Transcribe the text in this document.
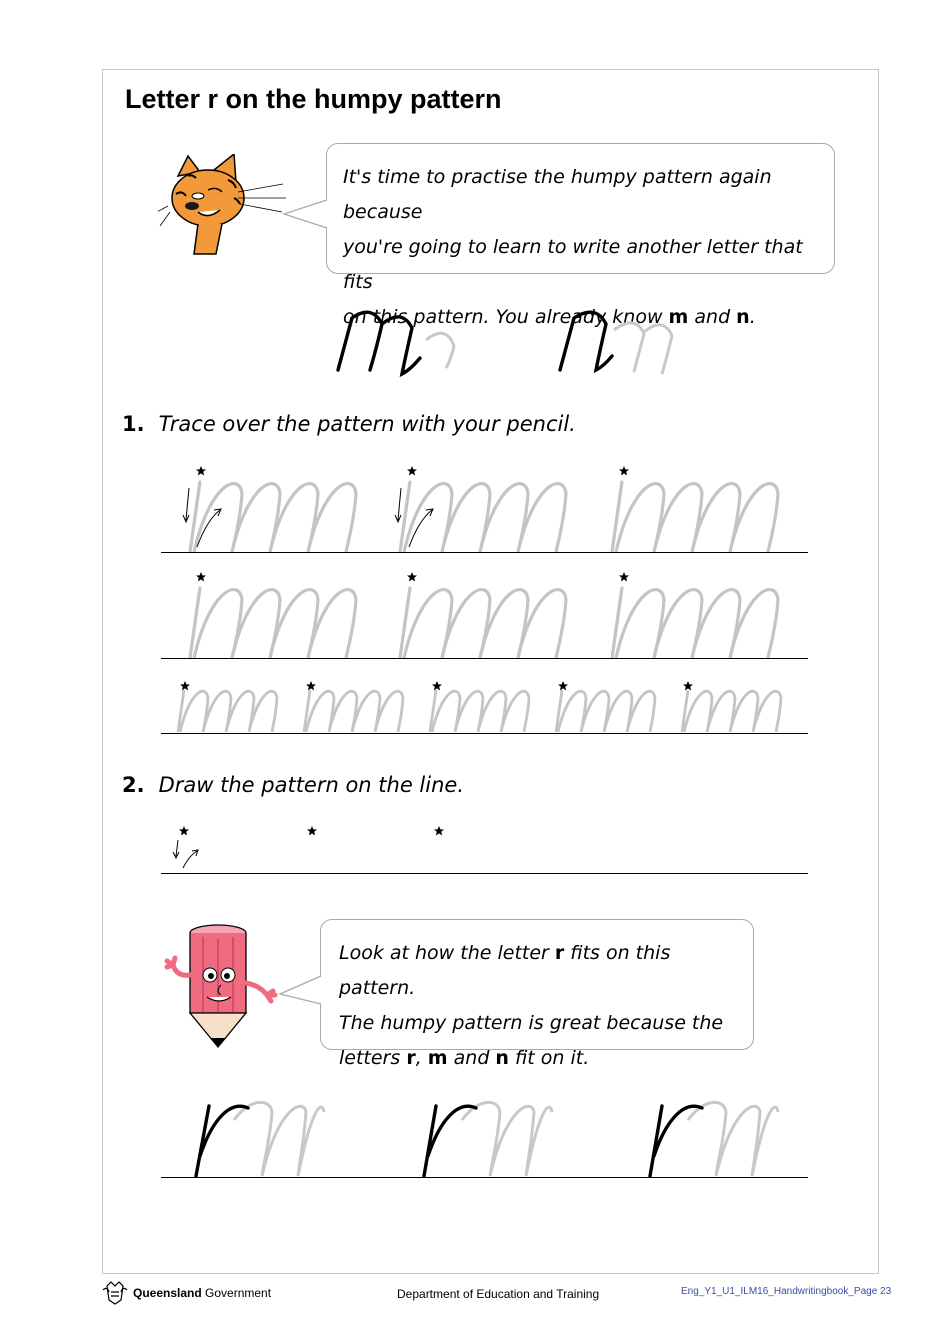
Letter r on the humpy pattern
It's time to practise the humpy pattern again because
you're going to learn to write another letter that fits
on this pattern. You already know m and n.
1. Trace over the pattern with your pencil.
2. Draw the pattern on the line.
Look at how the letter r fits on this pattern.
The humpy pattern is great because the
letters r, m and n fit on it.
Queensland Government	Department of Education and Training	Eng_Y1_U1_ILM16_Handwritingbook_Page 23
